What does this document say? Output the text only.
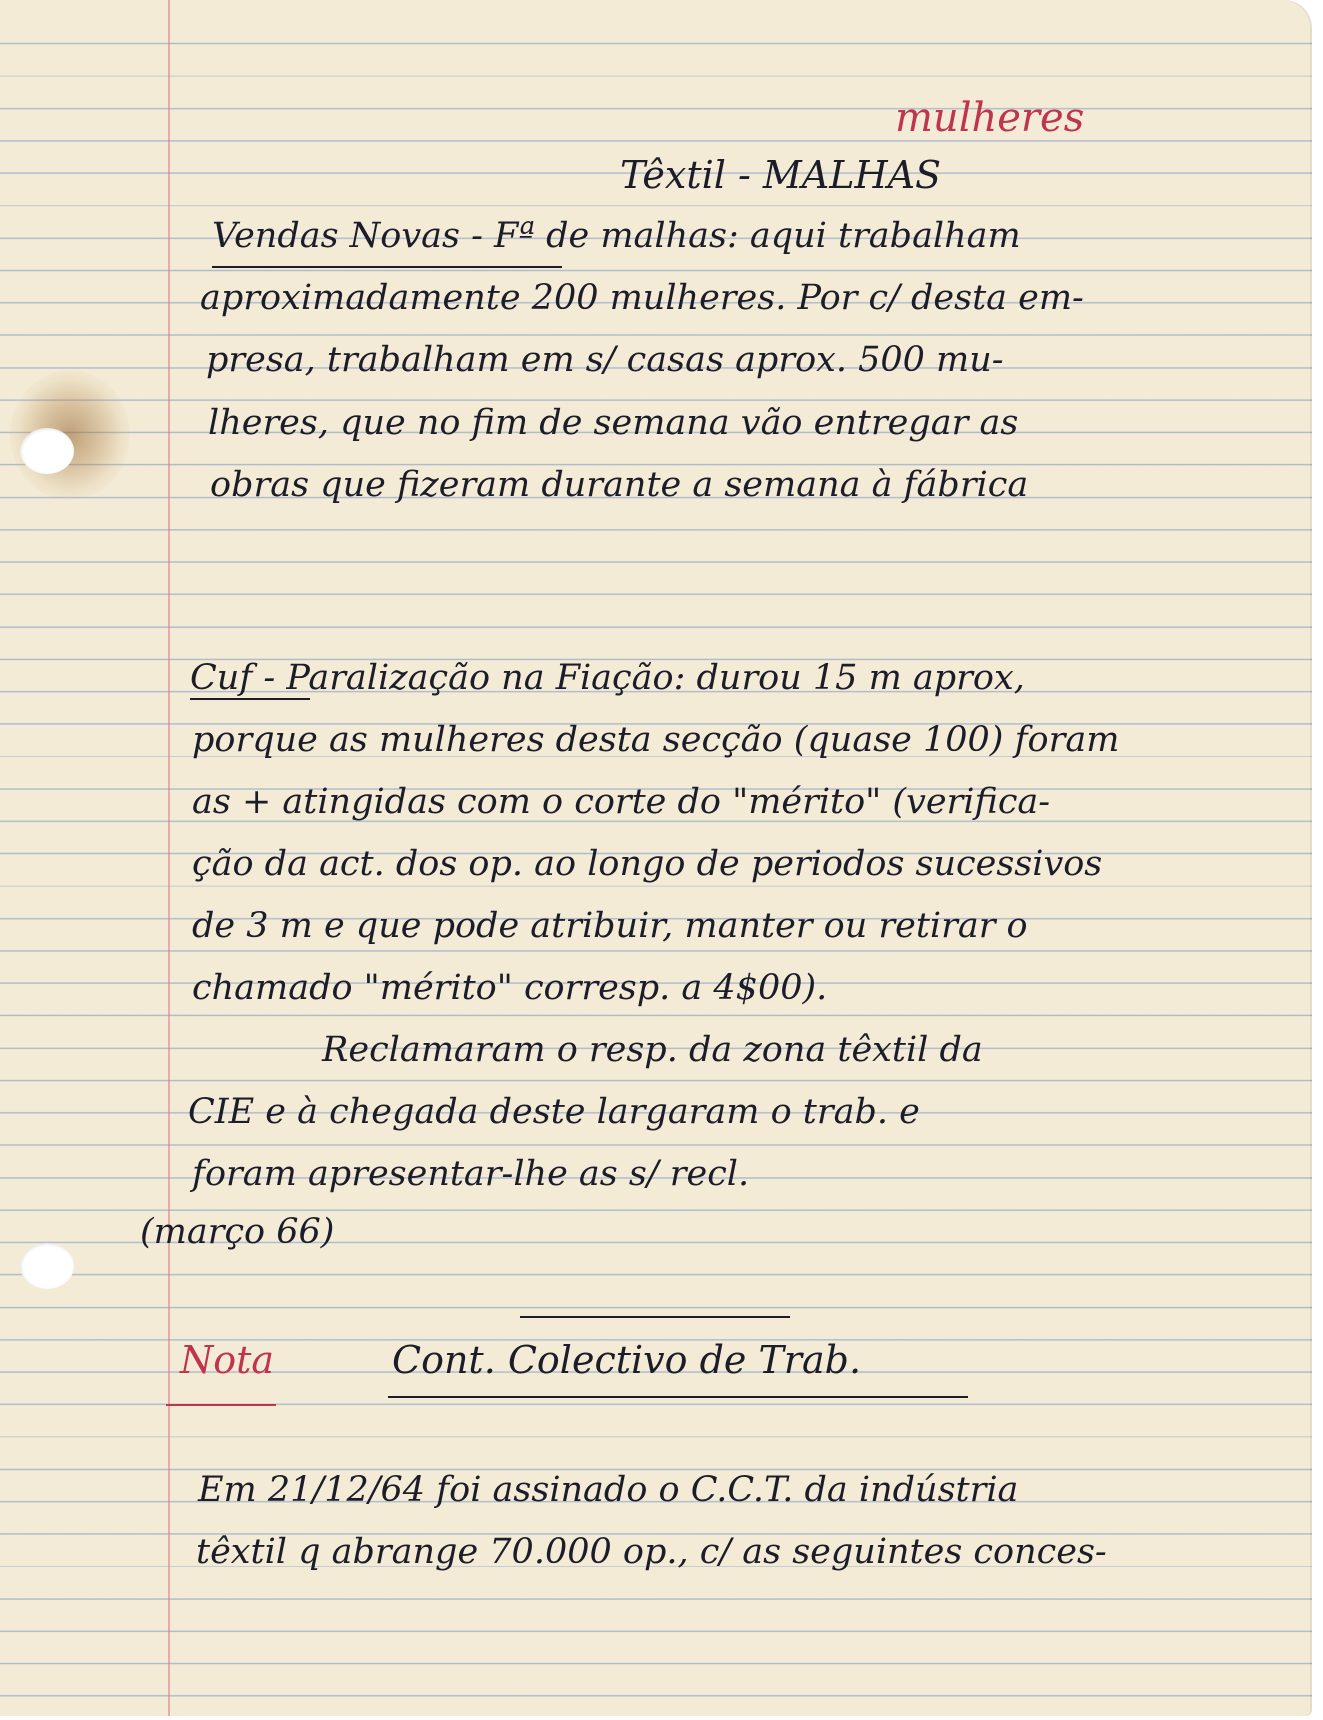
mulheres
Têxtil - MALHAS
Vendas Novas - Fª de malhas: aqui trabalham
aproximadamente 200 mulheres. Por c/ desta em-
presa, trabalham em s/ casas aprox. 500 mu-
lheres, que no fim de semana vão entregar as
obras que fizeram durante a semana à fábrica
Cuf - Paralização na Fiação: durou 15 m aprox,
porque as mulheres desta secção (quase 100) foram
as + atingidas com o corte do "mérito" (verifica-
ção da act. dos op. ao longo de periodos sucessivos
de 3 m e que pode atribuir, manter ou retirar o
chamado "mérito" corresp. a 4$00).
Reclamaram o resp. da zona têxtil da
CIE e à chegada deste largaram o trab. e
foram apresentar-lhe as s/ recl.
(março 66)
Nota	Cont. Colectivo de Trab.
Em 21/12/64 foi assinado o C.C.T. da indústria
têxtil q abrange 70.000 op., c/ as seguintes conces-
